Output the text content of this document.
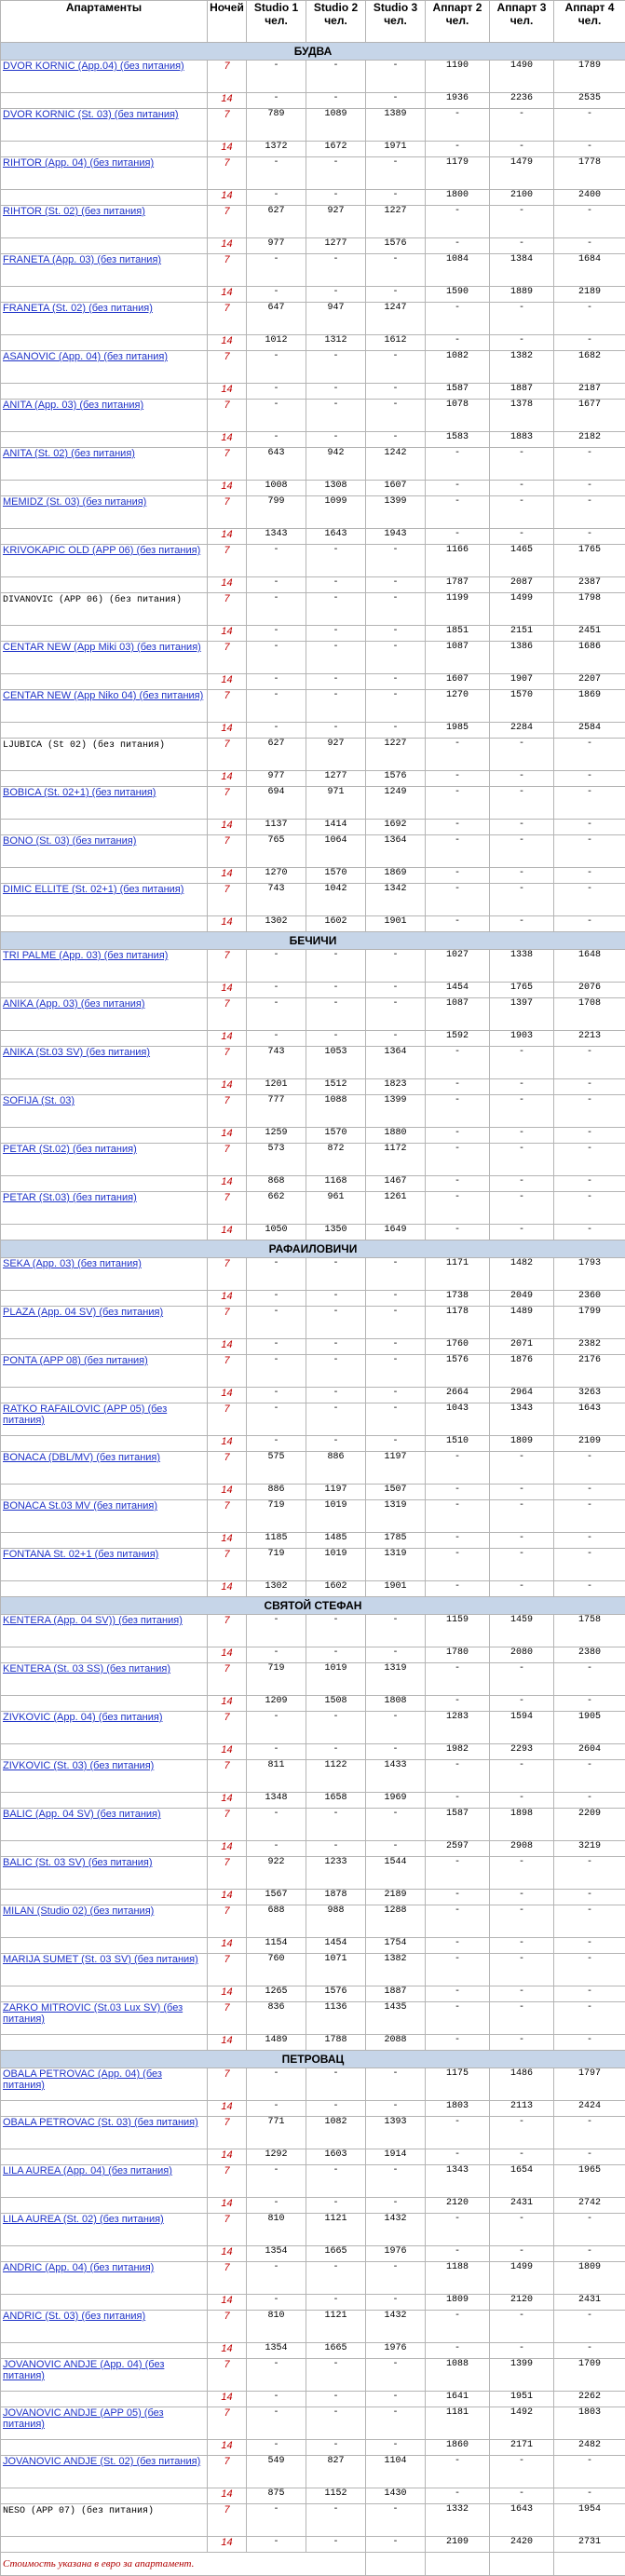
Апартаменты	Ночей	Studio 1 чел.	Studio 2 чел.	Studio 3 чел.	Аппарт 2 чел.	Аппарт 3 чел.	Аппарт 4 чел.
БУДВА							
DVOR KORNIC (App.04) (без питания)	7	-	-	-	1190	1490	1789
	14	-	-	-	1936	2236	2535
DVOR KORNIC (St. 03) (без питания)	7	789	1089	1389	-	-	-
	14	1372	1672	1971	-	-	-
RIHTOR (App. 04) (без питания)	7	-	-	-	1179	1479	1778
	14	-	-	-	1800	2100	2400
RIHTOR (St. 02) (без питания)	7	627	927	1227	-	-	-
	14	977	1277	1576	-	-	-
FRANETA (App. 03) (без питания)	7	-	-	-	1084	1384	1684
	14	-	-	-	1590	1889	2189
FRANETA (St. 02) (без питания)	7	647	947	1247	-	-	-
	14	1012	1312	1612	-	-	-
ASANOVIC (App. 04) (без питания)	7	-	-	-	1082	1382	1682
	14	-	-	-	1587	1887	2187
ANITA (App. 03) (без питания)	7	-	-	-	1078	1378	1677
	14	-	-	-	1583	1883	2182
ANITA (St. 02) (без питания)	7	643	942	1242	-	-	-
	14	1008	1308	1607	-	-	-
MEMIDZ (St. 03) (без питания)	7	799	1099	1399	-	-	-
	14	1343	1643	1943	-	-	-
KRIVOKAPIC OLD (APP 06) (без питания)	7	-	-	-	1166	1465	1765
	14	-	-	-	1787	2087	2387
DIVANOVIC (APP 06) (без питания)	7	-	-	-	1199	1499	1798
	14	-	-	-	1851	2151	2451
CENTAR NEW (App Miki 03) (без питания)	7	-	-	-	1087	1386	1686
	14	-	-	-	1607	1907	2207
CENTAR NEW (App Niko 04) (без питания)	7	-	-	-	1270	1570	1869
	14	-	-	-	1985	2284	2584
LJUBICA (St 02) (без питания)	7	627	927	1227	-	-	-
	14	977	1277	1576	-	-	-
BOBICA (St. 02+1) (без питания)	7	694	971	1249	-	-	-
	14	1137	1414	1692	-	-	-
BONO (St. 03) (без питания)	7	765	1064	1364	-	-	-
	14	1270	1570	1869	-	-	-
DIMIC ELLITE (St. 02+1) (без питания)	7	743	1042	1342	-	-	-
	14	1302	1602	1901	-	-	-
БЕЧИЧИ							
TRI PALME (App. 03) (без питания)	7	-	-	-	1027	1338	1648
	14	-	-	-	1454	1765	2076
ANIKA (App. 03) (без питания)	7	-	-	-	1087	1397	1708
	14	-	-	-	1592	1903	2213
ANIKA (St.03 SV) (без питания)	7	743	1053	1364	-	-	-
	14	1201	1512	1823	-	-	-
SOFIJA (St. 03)	7	777	1088	1399	-	-	-
	14	1259	1570	1880	-	-	-
PETAR (St.02) (без питания)	7	573	872	1172	-	-	-
	14	868	1168	1467	-	-	-
PETAR (St.03) (без питания)	7	662	961	1261	-	-	-
	14	1050	1350	1649	-	-	-
РАФАИЛОВИЧИ							
SEKA (App. 03) (без питания)	7	-	-	-	1171	1482	1793
	14	-	-	-	1738	2049	2360
PLAZA (App. 04 SV) (без питания)	7	-	-	-	1178	1489	1799
	14	-	-	-	1760	2071	2382
PONTA (APP 08) (без питания)	7	-	-	-	1576	1876	2176
	14	-	-	-	2664	2964	3263
RATKO RAFAILOVIC (APP 05) (без питания)	7	-	-	-	1043	1343	1643
	14	-	-	-	1510	1809	2109
BONACA (DBL/MV) (без питания)	7	575	886	1197	-	-	-
	14	886	1197	1507	-	-	-
BONACA St.03 MV (без питания)	7	719	1019	1319	-	-	-
	14	1185	1485	1785	-	-	-
FONTANA St. 02+1 (без питания)	7	719	1019	1319	-	-	-
	14	1302	1602	1901	-	-	-
СВЯТОЙ СТЕФАН							
KENTERA (App. 04 SV)) (без питания)	7	-	-	-	1159	1459	1758
	14	-	-	-	1780	2080	2380
KENTERA (St. 03 SS) (без питания)	7	719	1019	1319	-	-	-
	14	1209	1508	1808	-	-	-
ZIVKOVIC (App. 04) (без питания)	7	-	-	-	1283	1594	1905
	14	-	-	-	1982	2293	2604
ZIVKOVIC (St. 03) (без питания)	7	811	1122	1433	-	-	-
	14	1348	1658	1969	-	-	-
BALIC (App. 04 SV) (без питания)	7	-	-	-	1587	1898	2209
	14	-	-	-	2597	2908	3219
BALIC (St. 03 SV) (без питания)	7	922	1233	1544	-	-	-
	14	1567	1878	2189	-	-	-
MILAN (Studio 02) (без питания)	7	688	988	1288	-	-	-
	14	1154	1454	1754	-	-	-
MARIJA SUMET (St. 03 SV) (без питания)	7	760	1071	1382	-	-	-
	14	1265	1576	1887	-	-	-
ZARKO MITROVIC (St.03 Lux SV) (без питания)	7	836	1136	1435	-	-	-
	14	1489	1788	2088	-	-	-
ПЕТРОВАЦ							
OBALA PETROVAC (App. 04) (без питания)	7	-	-	-	1175	1486	1797
	14	-	-	-	1803	2113	2424
OBALA PETROVAC (St. 03) (без питания)	7	771	1082	1393	-	-	-
	14	1292	1603	1914	-	-	-
LILA AUREA (App. 04) (без питания)	7	-	-	-	1343	1654	1965
	14	-	-	-	2120	2431	2742
LILA AUREA (St. 02) (без питания)	7	810	1121	1432	-	-	-
	14	1354	1665	1976	-	-	-
ANDRIC (App. 04) (без питания)	7	-	-	-	1188	1499	1809
	14	-	-	-	1809	2120	2431
ANDRIC (St. 03) (без питания)	7	810	1121	1432	-	-	-
	14	1354	1665	1976	-	-	-
JOVANOVIC ANDJE (App. 04) (без питания)	7	-	-	-	1088	1399	1709
	14	-	-	-	1641	1951	2262
JOVANOVIC ANDJE (APP 05) (без питания)	7	-	-	-	1181	1492	1803
	14	-	-	-	1860	2171	2482
JOVANOVIC ANDJE (St. 02) (без питания)	7	549	827	1104	-	-	-
	14	875	1152	1430	-	-	-
NESO (APP 07) (без питания)	7	-	-	-	1332	1643	1954
	14	-	-	-	2109	2420	2731
Стоимость указана в евро за апартамент.							
